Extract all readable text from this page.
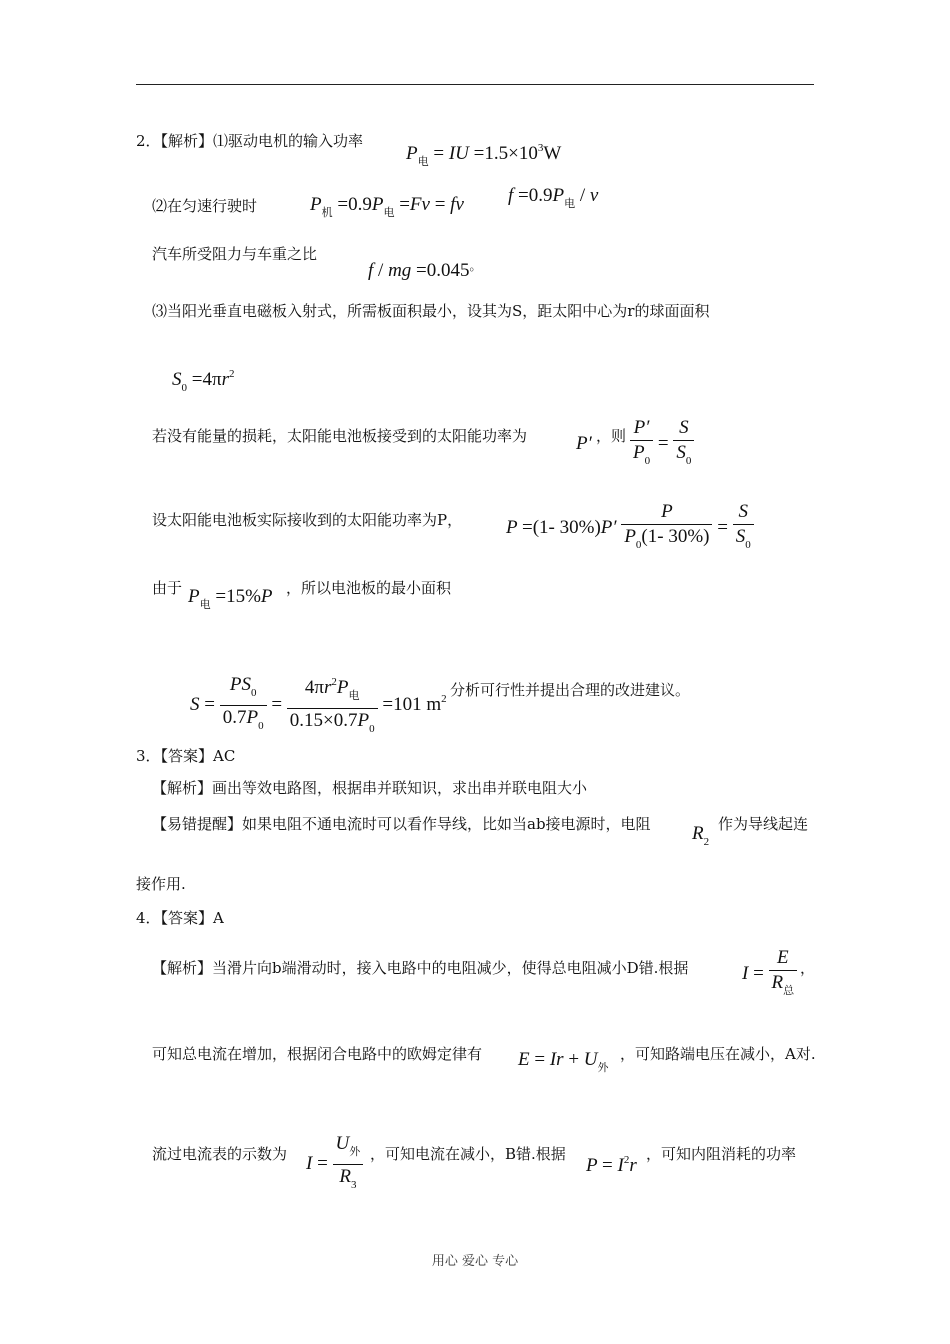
2．【解析】⑴驱动电机的输入功率
$P_电$ = IU $=1.5\times 10^3W$
⑵在匀速行驶时	$P_机 =0.9P_电 =Fv$ = fv $f =0.9P_电 / v$
汽车所受阻力与车重之比
f / mg =0.045。
⑶当阳光垂直电磁板入射式，所需板面积最小，设其为S，距太阳中心为r的球面面积
$S_0 =4\pi r^2$
若没有能量的损耗，太阳能电池板接受到的太阳能功率为	P′ ，则 $\frac{P'}{P_0} = \frac{S}{S_0}$
设太阳能电池板实际接收到的太阳能功率为P， P =(1- $30\%)P' \frac{P}{P_0(1- 30\%)} = \frac{S}{S_0}$
由于 $P_电 =15\%P$ ，所以电池板的最小面积
$S = \frac{PS_0}{0.7P_0} = \frac{4\pi r^2P_电}{0.15\times 0.7P_0} =101$ $m^2$ 分析可行性并提出合理的改进建议。
3．【答案】AC
【解析】画出等效电路图，根据串并联知识，求出串并联电阻大小
【易错提醒】如果电阻不通电流时可以看作导线，比如当ab接电源时，电阻 $R_2$
作为导线起连
接作用.
4．【答案】A
【解析】当滑片向b端滑动时，接入电路中的电阻减少，使得总电阻减小D错.根据	$I = \frac{E}{R_总}$ ，
可知总电流在增加，根据闭合电路中的欧姆定律有 $E = Ir + U_外$
，可知路端电压在减小，A对.
流过电流表的示数为 $I = \frac{U_外}{R_3}$ ，可知电流在减小，B错.根据
$P = I^2r$
，可知内阻消耗的功率
用心 爱心 专心
